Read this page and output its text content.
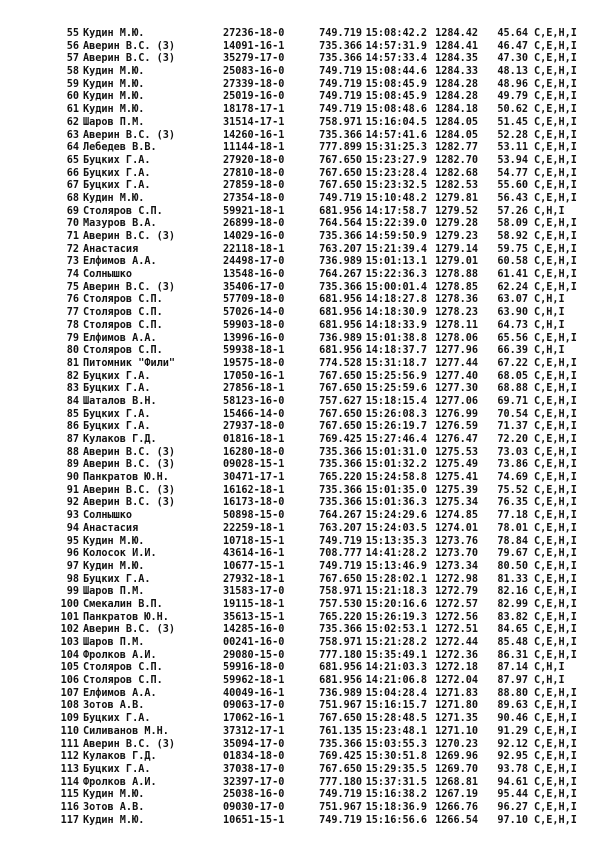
55 Кудин М.Ю.	27236-18-0	749.719 15:08:42.2 1284.42	45.64 C,E,H,I
56 Аверин В.С. (3)	14091-16-1	735.366 14:57:31.9 1284.41	46.47 C,E,H,I
57 Аверин В.С. (3)	35279-17-0	735.366 14:57:33.4 1284.35	47.30 C,E,H,I
58 Кудин М.Ю.	25083-16-0	749.719 15:08:44.6 1284.33	48.13 C,E,H,I
59 Кудин М.Ю.	27339-18-0	749.719 15:08:45.9 1284.28	48.96 C,E,H,I
60 Кудин М.Ю.	25019-16-0	749.719 15:08:45.9 1284.28	49.79 C,E,H,I
61 Кудин М.Ю.	18178-17-1	749.719 15:08:48.6 1284.18	50.62 C,E,H,I
62 Шаров П.М.	31514-17-1	758.971 15:16:04.5 1284.05	51.45 C,E,H,I
63 Аверин В.С. (3)	14260-16-1	735.366 14:57:41.6 1284.05	52.28 C,E,H,I
64 Лебедев В.В.	11144-18-1	777.899 15:31:25.3 1282.77	53.11 C,E,H,I
65 Буцких Г.А.	27920-18-0	767.650 15:23:27.9 1282.70	53.94 C,E,H,I
66 Буцких Г.А.	27810-18-0	767.650 15:23:28.4 1282.68	54.77 C,E,H,I
67 Буцких Г.А.	27859-18-0	767.650 15:23:32.5 1282.53	55.60 C,E,H,I
68 Кудин М.Ю.	27354-18-0	749.719 15:10:48.2 1279.81	56.43 C,E,H,I
69 Столяров С.П.	59921-18-1	681.956 14:17:58.7 1279.52	57.26 C,H,I
70 Мазуров В.А.	26899-18-0	764.564 15:22:39.0 1279.28	58.09 C,E,H,I
71 Аверин В.С. (3)	14029-16-0	735.366 14:59:50.9 1279.23	58.92 C,E,H,I
72 Анастасия	22118-18-1	763.207 15:21:39.4 1279.14	59.75 C,E,H,I
73 Елфимов А.А.	24498-17-0	736.989 15:01:13.1 1279.01	60.58 C,E,H,I
74 Солнышко	13548-16-0	764.267 15:22:36.3 1278.88	61.41 C,E,H,I
75 Аверин В.С. (3)	35406-17-0	735.366 15:00:01.4 1278.85	62.24 C,E,H,I
76 Столяров С.П.	57709-18-0	681.956 14:18:27.8 1278.36	63.07 C,H,I
77 Столяров С.П.	57026-14-0	681.956 14:18:30.9 1278.23	63.90 C,H,I
78 Столяров С.П.	59903-18-0	681.956 14:18:33.9 1278.11	64.73 C,H,I
79 Елфимов А.А.	13996-16-0	736.989 15:01:38.8 1278.06	65.56 C,E,H,I
80 Столяров С.П.	59938-18-1	681.956 14:18:37.7 1277.96	66.39 C,H,I
81 Питомник "Фили"	19575-18-0	774.528 15:31:18.7 1277.44	67.22 C,E,H,I
82 Буцких Г.А.	17050-16-1	767.650 15:25:56.9 1277.40	68.05 C,E,H,I
83 Буцких Г.А.	27856-18-1	767.650 15:25:59.6 1277.30	68.88 C,E,H,I
84 Шаталов В.Н.	58123-16-0	757.627 15:18:15.4 1277.06	69.71 C,E,H,I
85 Буцких Г.А.	15466-14-0	767.650 15:26:08.3 1276.99	70.54 C,E,H,I
86 Буцких Г.А.	27937-18-0	767.650 15:26:19.7 1276.59	71.37 C,E,H,I
87 Кулаков Г.Д.	01816-18-1	769.425 15:27:46.4 1276.47	72.20 C,E,H,I
88 Аверин В.С. (3)	16280-18-0	735.366 15:01:31.0 1275.53	73.03 C,E,H,I
89 Аверин В.С. (3)	09028-15-1	735.366 15:01:32.2 1275.49	73.86 C,E,H,I
90 Панкратов Ю.Н.	30471-17-1	765.220 15:24:58.8 1275.41	74.69 C,E,H,I
91 Аверин В.С. (3)	16162-18-1	735.366 15:01:35.0 1275.39	75.52 C,E,H,I
92 Аверин В.С. (3)	16173-18-0	735.366 15:01:36.3 1275.34	76.35 C,E,H,I
93 Солнышко	50898-15-0	764.267 15:24:29.6 1274.85	77.18 C,E,H,I
94 Анастасия	22259-18-1	763.207 15:24:03.5 1274.01	78.01 C,E,H,I
95 Кудин М.Ю.	10718-15-1	749.719 15:13:35.3 1273.76	78.84 C,E,H,I
96 Колосок И.И.	43614-16-1	708.777 14:41:28.2 1273.70	79.67 C,E,H,I
97 Кудин М.Ю.	10677-15-1	749.719 15:13:46.9 1273.34	80.50 C,E,H,I
98 Буцких Г.А.	27932-18-1	767.650 15:28:02.1 1272.98	81.33 C,E,H,I
99 Шаров П.М.	31583-17-0	758.971 15:21:18.3 1272.79	82.16 C,E,H,I
100 Смекалин В.П.	19115-18-1	757.530 15:20:16.6 1272.57	82.99 C,E,H,I
101 Панкратов Ю.Н.	35613-15-1	765.220 15:26:19.3 1272.56	83.82 C,E,H,I
102 Аверин В.С. (3)	14285-16-0	735.366 15:02:53.1 1272.51	84.65 C,E,H,I
103 Шаров П.М.	00241-16-0	758.971 15:21:28.2 1272.44	85.48 C,E,H,I
104 Фролков А.И.	29080-15-0	777.180 15:35:49.1 1272.36	86.31 C,E,H,I
105 Столяров С.П.	59916-18-0	681.956 14:21:03.3 1272.18	87.14 C,H,I
106 Столяров С.П.	59962-18-1	681.956 14:21:06.8 1272.04	87.97 C,H,I
107 Елфимов А.А.	40049-16-1	736.989 15:04:28.4 1271.83	88.80 C,E,H,I
108 Зотов А.В.	09063-17-0	751.967 15:16:15.7 1271.80	89.63 C,E,H,I
109 Буцких Г.А.	17062-16-1	767.650 15:28:48.5 1271.35	90.46 C,E,H,I
110 Силиванов М.Н.	37312-17-1	761.135 15:23:48.1 1271.10	91.29 C,E,H,I
111 Аверин В.С. (3)	35094-17-0	735.366 15:03:55.3 1270.23	92.12 C,E,H,I
112 Кулаков Г.Д.	01834-18-0	769.425 15:30:51.8 1269.96	92.95 C,E,H,I
113 Буцких Г.А.	37038-17-0	767.650 15:29:35.5 1269.70	93.78 C,E,H,I
114 Фролков А.И.	32397-17-0	777.180 15:37:31.5 1268.81	94.61 C,E,H,I
115 Кудин М.Ю.	25038-16-0	749.719 15:16:38.2 1267.19	95.44 C,E,H,I
116 Зотов А.В.	09030-17-0	751.967 15:18:36.9 1266.76	96.27 C,E,H,I
117 Кудин М.Ю.	10651-15-1	749.719 15:16:56.6 1266.54	97.10 C,E,H,I
